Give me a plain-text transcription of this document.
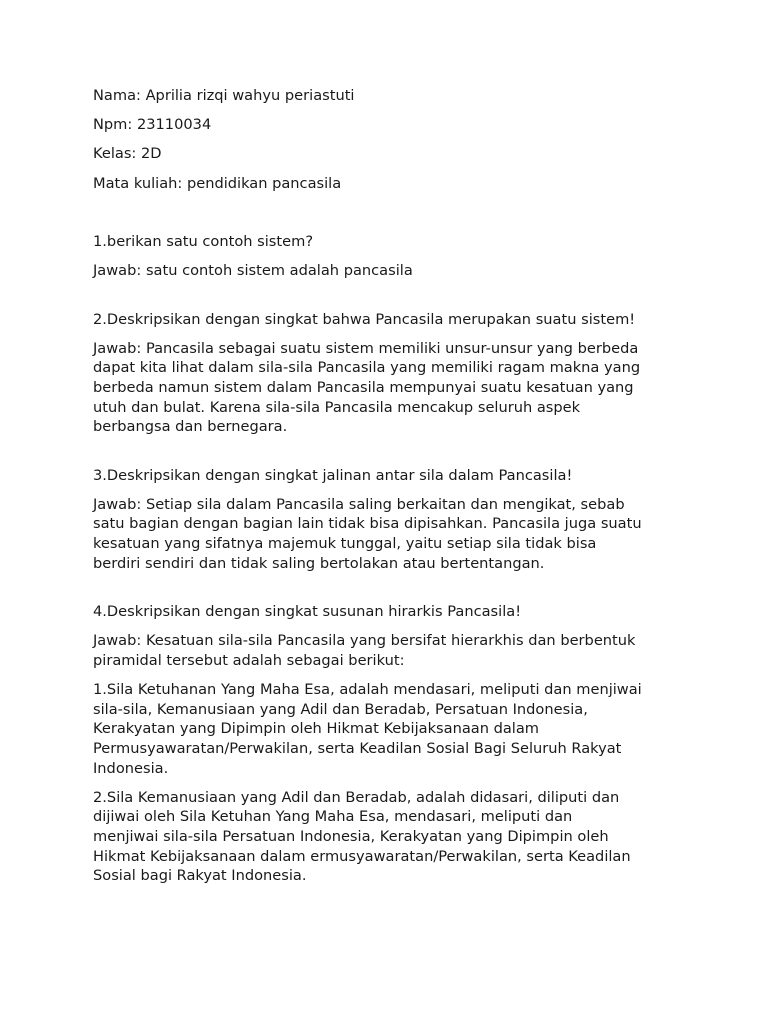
Nama: Aprilia rizqi wahyu periastuti

Npm: 23110034

Kelas: 2D

Mata kuliah: pendidikan pancasila

1.berikan satu contoh sistem?

Jawab: satu contoh sistem adalah pancasila

2.Deskripsikan dengan singkat bahwa Pancasila merupakan suatu sistem!

Jawab: Pancasila sebagai suatu sistem memiliki unsur-unsur yang berbeda
dapat kita lihat dalam sila-sila Pancasila yang memiliki ragam makna yang
berbeda namun sistem dalam Pancasila mempunyai suatu kesatuan yang
utuh dan bulat. Karena sila-sila Pancasila mencakup seluruh aspek
berbangsa dan bernegara.

3.Deskripsikan dengan singkat jalinan antar sila dalam Pancasila!

Jawab: Setiap sila dalam Pancasila saling berkaitan dan mengikat, sebab
satu bagian dengan bagian lain tidak bisa dipisahkan. Pancasila juga suatu
kesatuan yang sifatnya majemuk tunggal, yaitu setiap sila tidak bisa
berdiri sendiri dan tidak saling bertolakan atau bertentangan.

4.Deskripsikan dengan singkat susunan hirarkis Pancasila!

Jawab: Kesatuan sila-sila Pancasila yang bersifat hierarkhis dan berbentuk
piramidal tersebut adalah sebagai berikut:

1.Sila Ketuhanan Yang Maha Esa, adalah mendasari, meliputi dan menjiwai
sila-sila, Kemanusiaan yang Adil dan Beradab, Persatuan Indonesia,
Kerakyatan yang Dipimpin oleh Hikmat Kebijaksanaan dalam
Permusyawaratan/Perwakilan, serta Keadilan Sosial Bagi Seluruh Rakyat
Indonesia.

2.Sila Kemanusiaan yang Adil dan Beradab, adalah didasari, diliputi dan
dijiwai oleh Sila Ketuhan Yang Maha Esa, mendasari, meliputi dan
menjiwai sila-sila Persatuan Indonesia, Kerakyatan yang Dipimpin oleh
Hikmat Kebijaksanaan dalam ermusyawaratan/Perwakilan, serta Keadilan
Sosial bagi Rakyat Indonesia.
